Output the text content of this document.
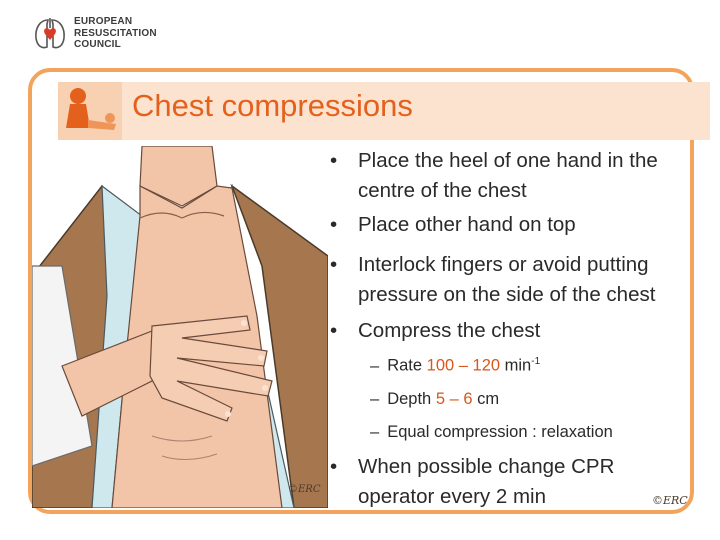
EUROPEAN
RESUSCITATION
COUNCIL
Chest compressions
©ERC
• Place the heel of one hand in the
centre of the chest
• Place other hand on top
• Interlock fingers or avoid putting
pressure on the side of the chest
• Compress the chest
– Rate 100 – 120 $\min^{-1}$
– Depth 5 – 6 cm
– Equal compression : relaxation
• When possible change CPR
operator every 2 min	©ERC
